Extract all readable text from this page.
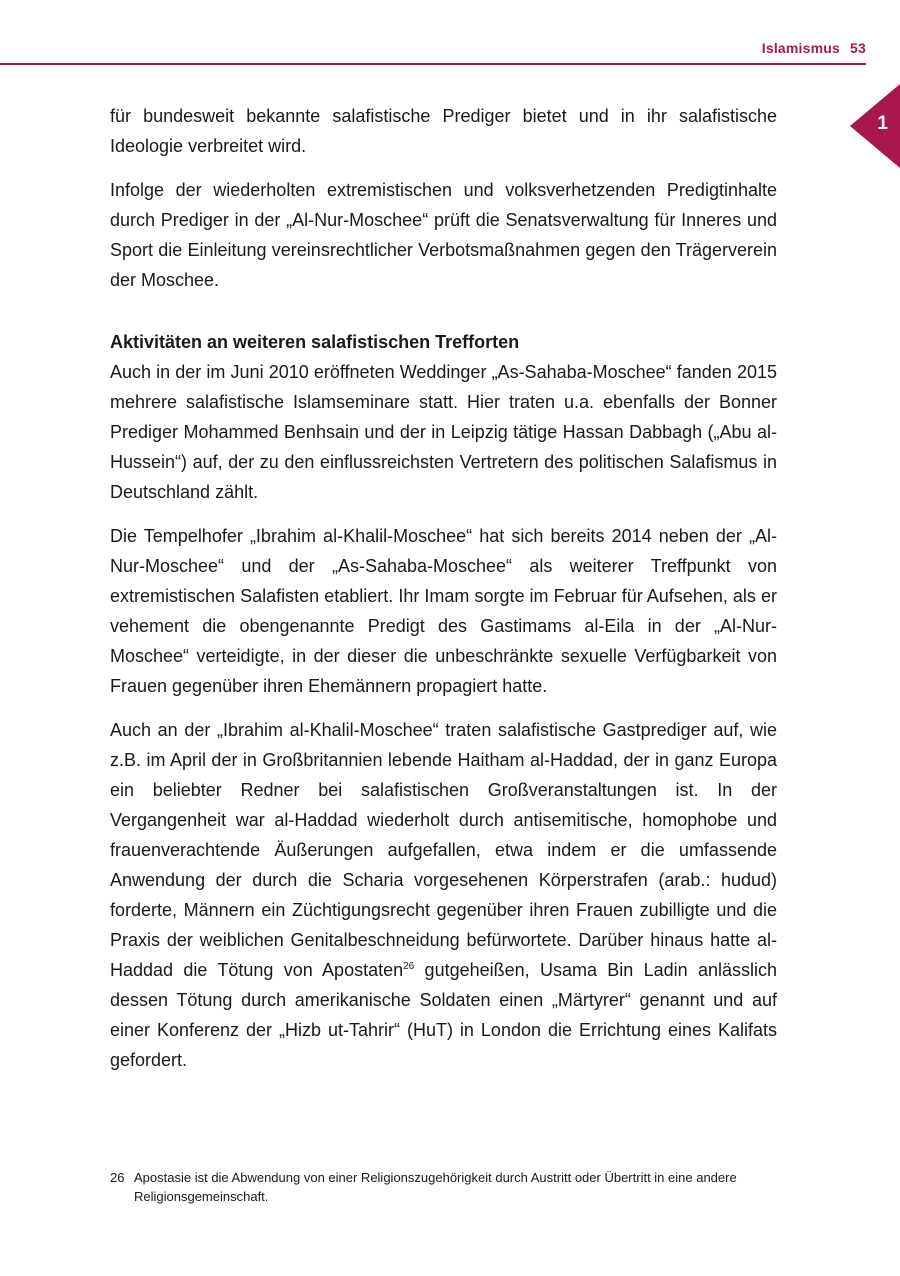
Islamismus 53
1

für bundesweit bekannte salafistische Prediger bietet und in ihr salafistische Ideologie verbreitet wird.

Infolge der wiederholten extremistischen und volksverhetzenden Predigtinhalte durch Prediger in der „Al-Nur-Moschee“ prüft die Senatsverwaltung für Inneres und Sport die Einleitung vereinsrechtlicher Verbotsmaßnahmen gegen den Trägerverein der Moschee.

Aktivitäten an weiteren salafistischen Trefforten

Auch in der im Juni 2010 eröffneten Weddinger „As-Sahaba-Moschee“ fanden 2015 mehrere salafistische Islamseminare statt. Hier traten u.a. ebenfalls der Bonner Prediger Mohammed Benhsain und der in Leipzig tätige Hassan Dabbagh („Abu al-Hussein“) auf, der zu den einflussreichsten Vertretern des politischen Salafismus in Deutschland zählt.

Die Tempelhofer „Ibrahim al-Khalil-Moschee“ hat sich bereits 2014 neben der „Al-Nur-Moschee“ und der „As-Sahaba-Moschee“ als weiterer Treffpunkt von extremistischen Salafisten etabliert. Ihr Imam sorgte im Februar für Aufsehen, als er vehement die obengenannte Predigt des Gastimams al-Eila in der „Al-Nur-Moschee“ verteidigte, in der dieser die unbeschränkte sexuelle Verfügbarkeit von Frauen gegenüber ihren Ehemännern propagiert hatte.

Auch an der „Ibrahim al-Khalil-Moschee“ traten salafistische Gastprediger auf, wie z.B. im April der in Großbritannien lebende Haitham al-Haddad, der in ganz Europa ein beliebter Redner bei salafistischen Großveranstaltungen ist. In der Vergangenheit war al-Haddad wiederholt durch antisemitische, homophobe und frauenverachtende Äußerungen aufgefallen, etwa indem er die umfassende Anwendung der durch die Scharia vorgesehenen Körperstrafen (arab.: hudud) forderte, Männern ein Züchtigungsrecht gegenüber ihren Frauen zubilligte und die Praxis der weiblichen Genitalbeschneidung befürwortete. Darüber hinaus hatte al-Haddad die Tötung von Apostaten$^{26}$ gutgeheißen, Usama Bin Ladin anlässlich dessen Tötung durch amerikanische Soldaten einen „Märtyrer“ genannt und auf einer Konferenz der „Hizb ut-Tahrir“ (HuT) in London die Errichtung eines Kalifats gefordert.

26 Apostasie ist die Abwendung von einer Religionszugehörigkeit durch Austritt oder Übertritt in eine andere Religionsgemeinschaft.
